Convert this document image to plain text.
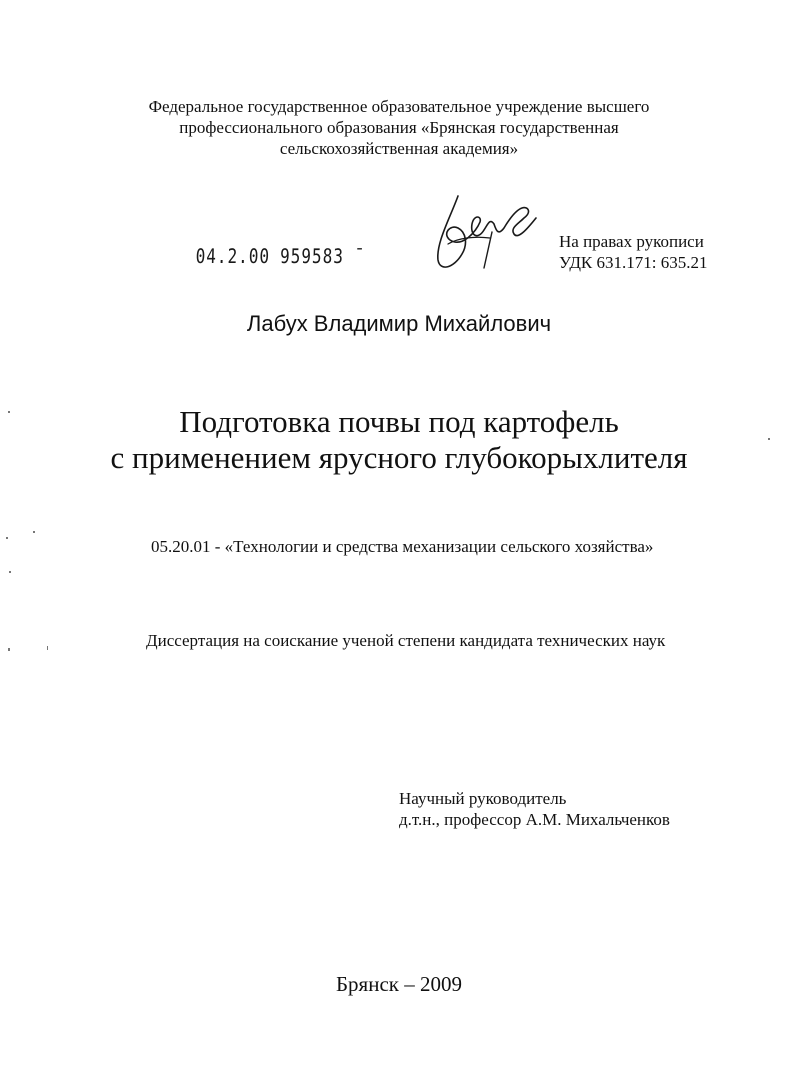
Федеральное государственное образовательное учреждение высшего
профессионального образования «Брянская государственная
сельскохозяйственная академия»
04.2.00 959583 ˉ
На правах рукописи
УДК 631.171: 635.21
Лабух Владимир Михайлович
Подготовка почвы под картофель
с применением ярусного глубокорыхлителя
05.20.01 - «Технологии и средства механизации сельского хозяйства»
Диссертация на соискание ученой степени кандидата технических наук
Научный руководитель
д.т.н., профессор А.М. Михальченков
Брянск – 2009
